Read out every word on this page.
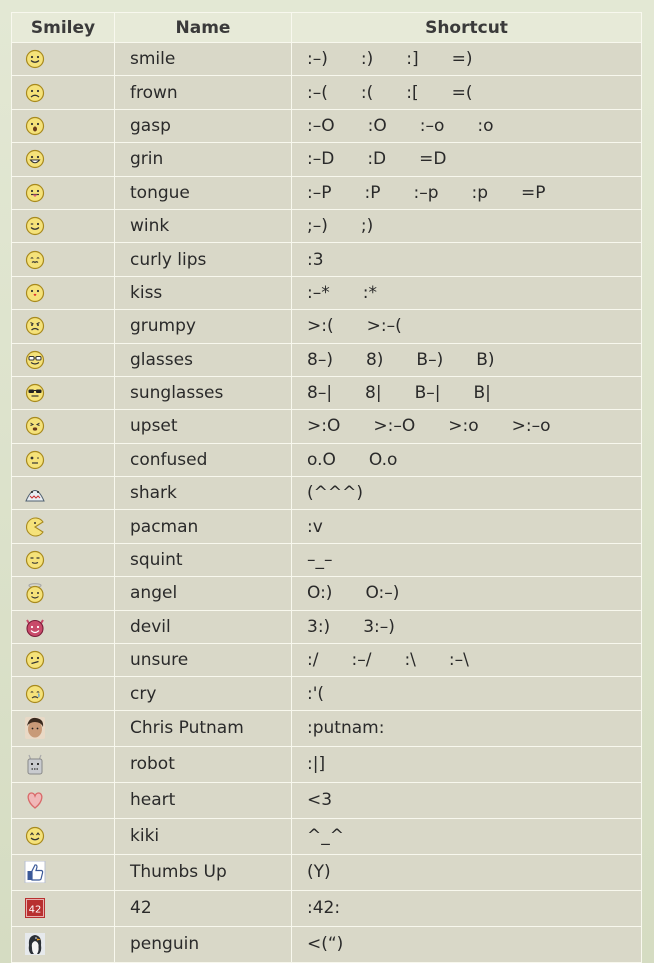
Smiley	Name	Shortcut

	smile	:–) :) :] =)

	frown	:–( :( :[ =(

	gasp	:–O :O :–o :o

	grin	:–D :D =D

	tongue	:–P :P :–p :p =P

	wink	;–) ;)

	curly lips	:3

	kiss	:–* :*

	grumpy	>:( >:–(

	glasses	8–) 8) B–) B)

	sunglasses	8–| 8| B–| B|

	upset	>:O >:–O >:o >:–o

	confused	o.O O.o

	shark	(^^^)

	pacman	:v

	squint	–_–

	angel	O:) O:–)

	devil	3:) 3:–)

	unsure	:/ :–/ :\ :–\

	cry	:'(

	Chris Putnam	:putnam:

	robot	:|]

	heart	<3

	kiki	^_^

	Thumbs Up	(Y)

42	42	:42:

	penguin	<(“)
